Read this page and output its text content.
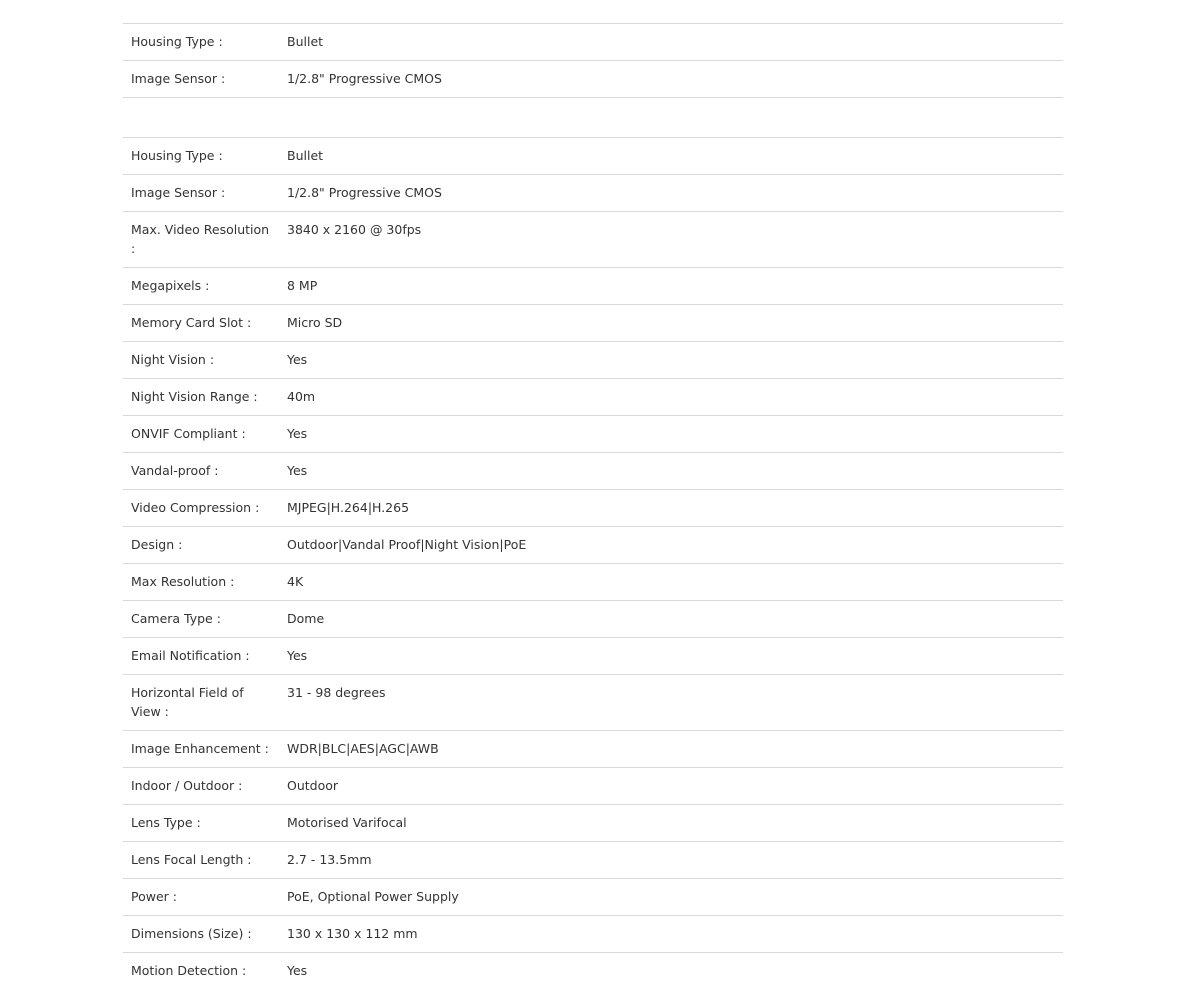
Housing Type :	Bullet
Image Sensor :	1/2.8" Progressive CMOS
Housing Type :	Bullet
Image Sensor :	1/2.8" Progressive CMOS
Max. Video Resolution :	3840 x 2160 @ 30fps
Megapixels :	8 MP
Memory Card Slot :	Micro SD
Night Vision :	Yes
Night Vision Range :	40m
ONVIF Compliant :	Yes
Vandal-proof :	Yes
Video Compression :	MJPEG|H.264|H.265
Design :	Outdoor|Vandal Proof|Night Vision|PoE
Max Resolution :	4K
Camera Type :	Dome
Email Notification :	Yes
Horizontal Field of View :	31 - 98 degrees
Image Enhancement :	WDR|BLC|AES|AGC|AWB
Indoor / Outdoor :	Outdoor
Lens Type :	Motorised Varifocal
Lens Focal Length :	2.7 - 13.5mm
Power :	PoE, Optional Power Supply
Dimensions (Size) :	130 x 130 x 112 mm
Motion Detection :	Yes
